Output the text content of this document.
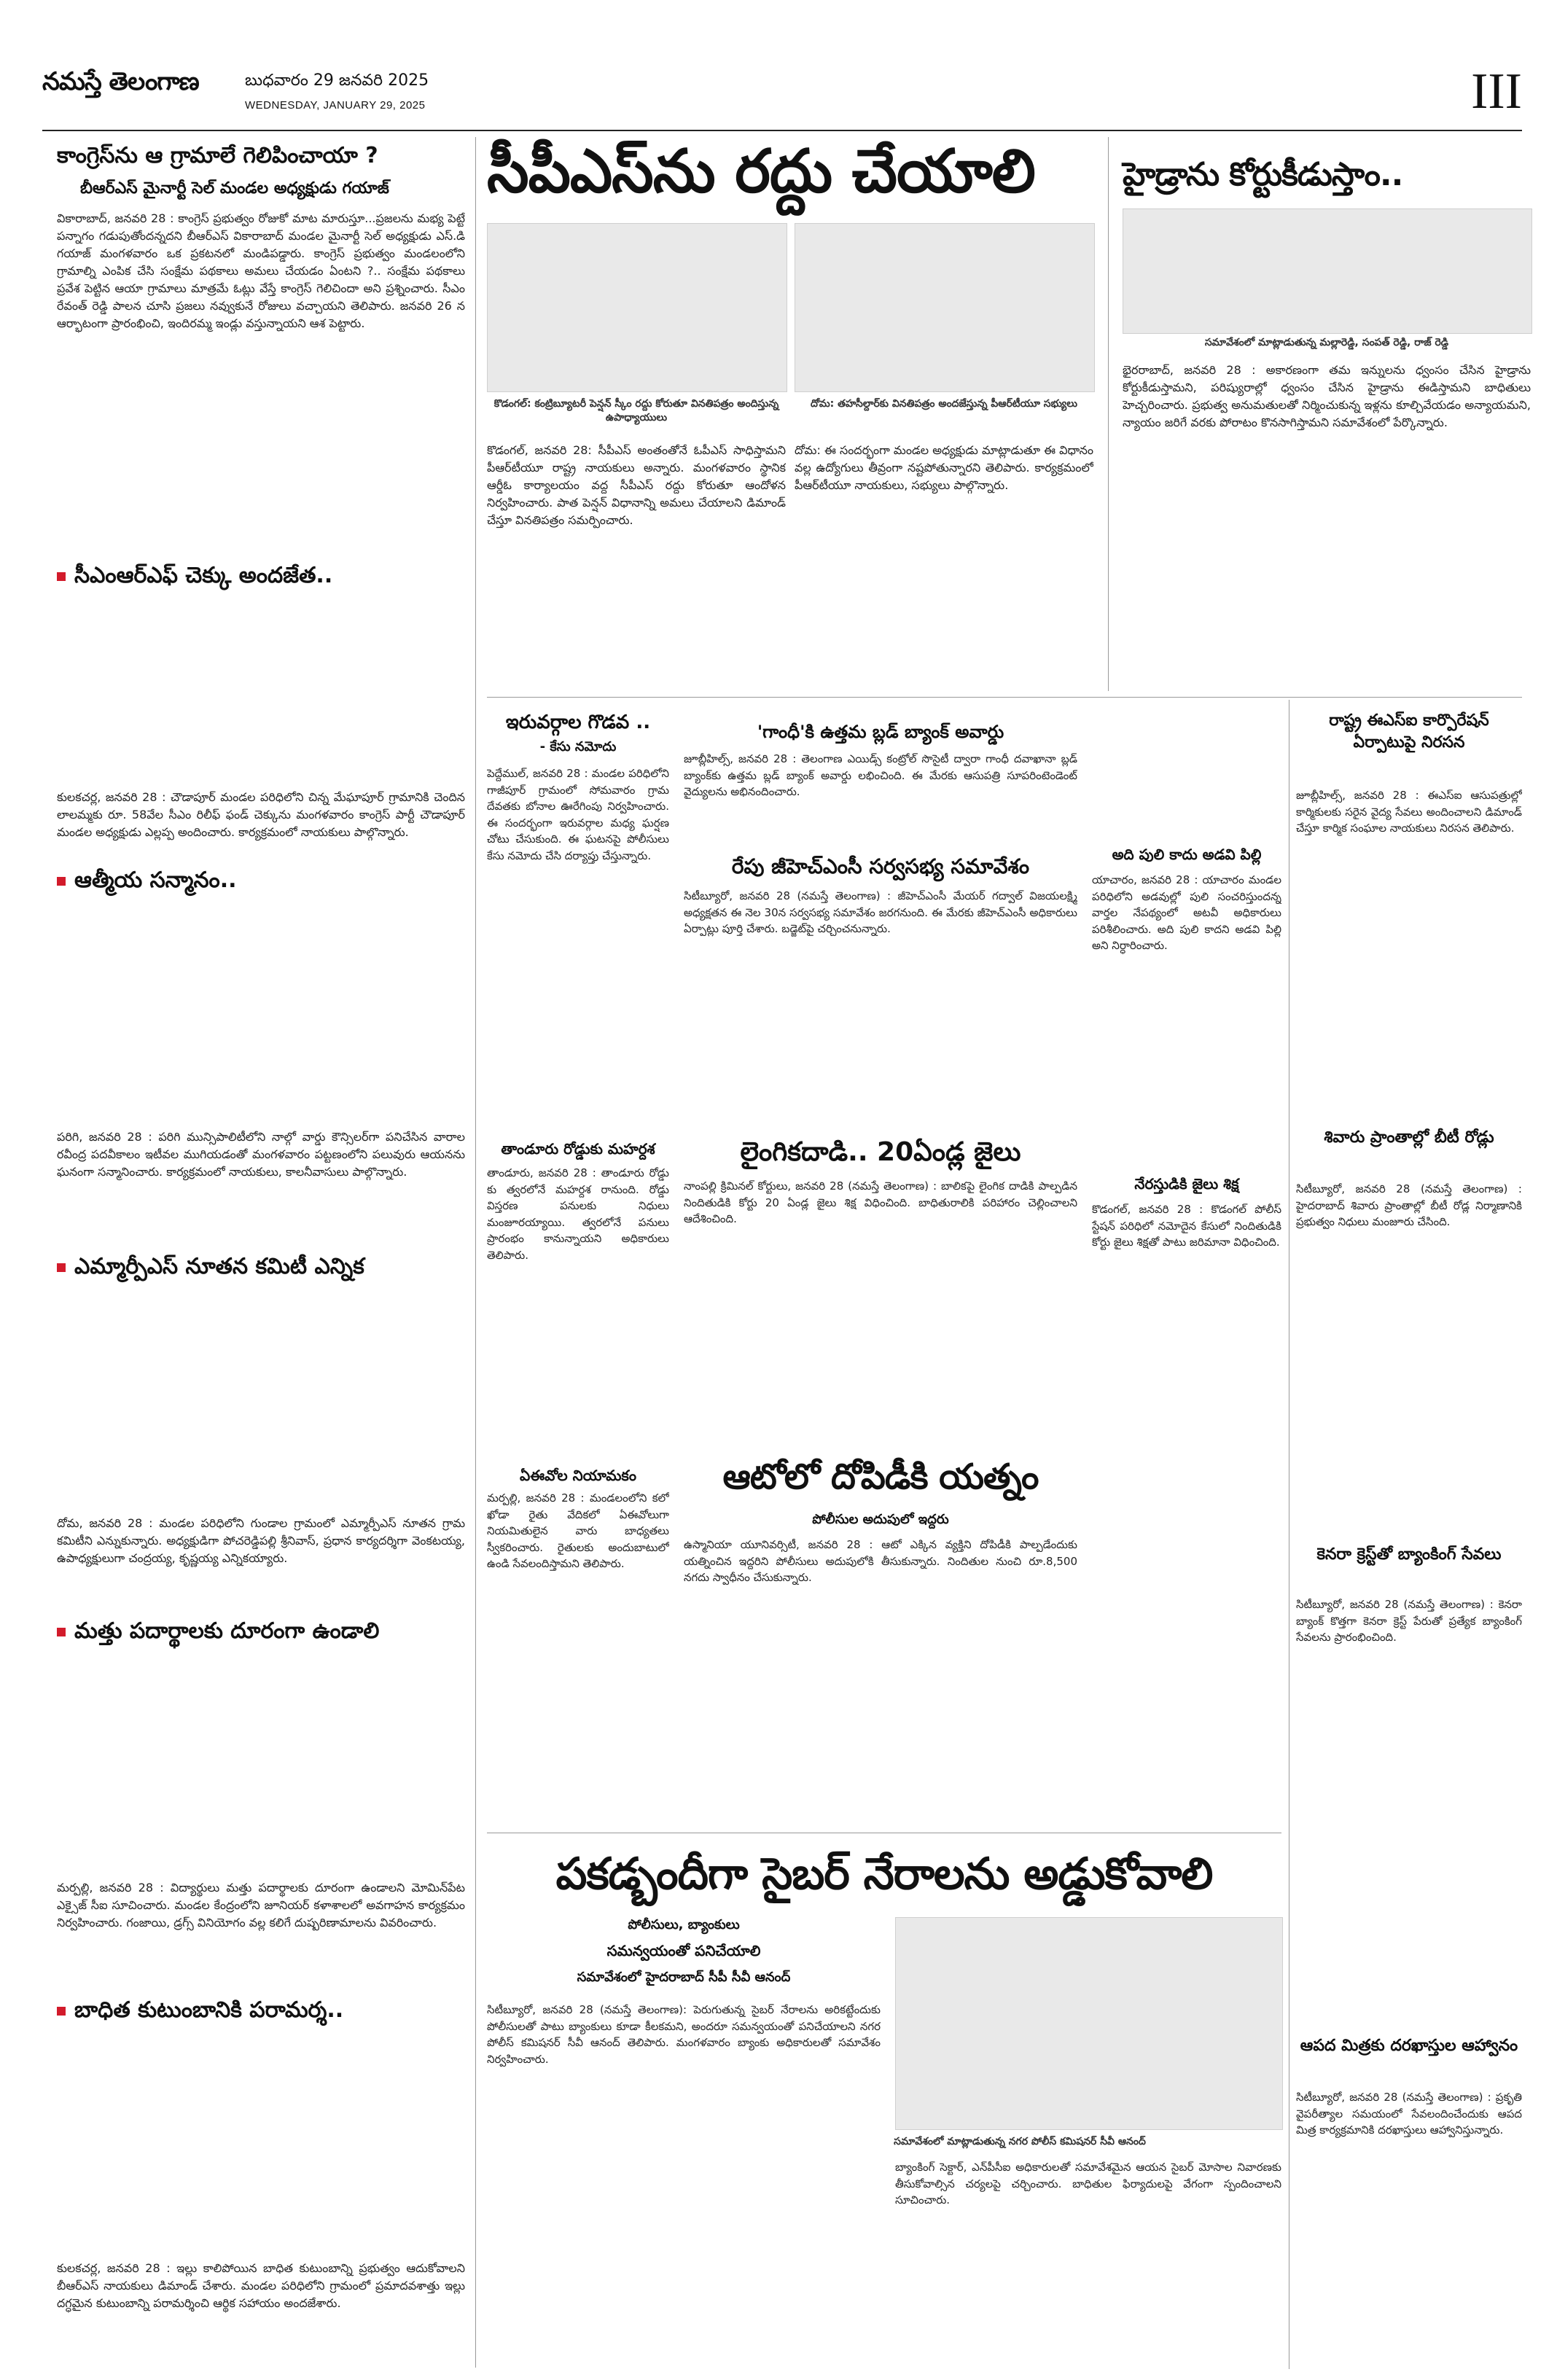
నమస్తే తెలంగాణ	బుధవారం 29 జనవరి 2025
WEDNESDAY, JANUARY 29, 2025	III
కాంగ్రెస్‌ను ఆ గ్రామాలే గెలిపించాయా ?
బీఆర్ఎస్ మైనార్టీ సెల్ మండల అధ్యక్షుడు గయాజ్
వికారాబాద్, జనవరి 28 : కాంగ్రెస్ ప్రభుత్వం రోజుకో మాట మారుస్తూ...ప్రజలను మభ్య పెట్టే పన్నాగం గడుపుతోందన్నదని బీఆర్ఎస్ వికారాబాద్ మండల మైనార్టీ సెల్ అధ్యక్షుడు ఎస్.డి గయాజ్ మంగళవారం ఒక ప్రకటనలో మండిపడ్డారు. కాంగ్రెస్ ప్రభుత్వం మండలంలోని గ్రామాల్ని ఎంపిక చేసి సంక్షేమ పథకాలు అమలు చేయడం ఏంటని ?.. సంక్షేమ పథకాలు ప్రవేశ పెట్టిన ఆయా గ్రామాలు మాత్రమే ఓట్లు వేస్తే కాంగ్రెస్ గెలిచిందా అని ప్రశ్నించారు. సీఎం రేవంత్ రెడ్డి పాలన చూసి ప్రజలు నవ్వుకునే రోజులు వచ్చాయని తెలిపారు. జనవరి 26 న ఆర్భాటంగా ప్రారంభించి, ఇందిరమ్మ ఇండ్లు వస్తున్నాయని ఆశ పెట్టారు.
సీఎంఆర్ఎఫ్ చెక్కు అందజేత..
కులకచర్ల, జనవరి 28 : చౌడాపూర్ మండల పరిధిలోని చిన్న మేఘాపూర్ గ్రామానికి చెందిన లాలమ్మకు రూ. 58వేల సీఎం రిలీఫ్ ఫండ్ చెక్కును మంగళవారం కాంగ్రెస్ పార్టీ చౌడాపూర్ మండల అధ్యక్షుడు ఎల్లప్ప అందించారు. కార్యక్రమంలో నాయకులు పాల్గొన్నారు.
ఆత్మీయ సన్మానం..
పరిగి, జనవరి 28 : పరిగి మున్సిపాలిటీలోని నాల్గో వార్డు కౌన్సిలర్‌గా పనిచేసిన వారాల రవీంద్ర పదవీకాలం ఇటీవల ముగియడంతో మంగళవారం పట్టణంలోని పలువురు ఆయనను ఘనంగా సన్మానించారు. కార్యక్రమంలో నాయకులు, కాలనీవాసులు పాల్గొన్నారు.
ఎమ్మార్పీఎస్ నూతన కమిటీ ఎన్నిక
దోమ, జనవరి 28 : మండల పరిధిలోని గుండాల గ్రామంలో ఎమ్మార్పీఎస్ నూతన గ్రామ కమిటీని ఎన్నుకున్నారు. అధ్యక్షుడిగా పోచరెడ్డిపల్లి శ్రీనివాస్, ప్రధాన కార్యదర్శిగా వెంకటయ్య, ఉపాధ్యక్షులుగా చంద్రయ్య, కృష్ణయ్య ఎన్నికయ్యారు.
మత్తు పదార్థాలకు దూరంగా ఉండాలి
మర్పల్లి, జనవరి 28 : విద్యార్థులు మత్తు పదార్థాలకు దూరంగా ఉండాలని మోమిన్‌పేట ఎక్సైజ్ సీఐ సూచించారు. మండల కేంద్రంలోని జూనియర్ కళాశాలలో అవగాహన కార్యక్రమం నిర్వహించారు. గంజాయి, డ్రగ్స్ వినియోగం వల్ల కలిగే దుష్పరిణామాలను వివరించారు.
బాధిత కుటుంబానికి పరామర్శ..
కులకచర్ల, జనవరి 28 : ఇల్లు కాలిపోయిన బాధిత కుటుంబాన్ని ప్రభుత్వం ఆదుకోవాలని బీఆర్ఎస్ నాయకులు డిమాండ్ చేశారు. మండల పరిధిలోని గ్రామంలో ప్రమాదవశాత్తు ఇల్లు దగ్ధమైన కుటుంబాన్ని పరామర్శించి ఆర్థిక సహాయం అందజేశారు.
సీపీఎస్‌ను రద్దు చేయాలి
కొడంగల్: కంట్రిబ్యూటరీ పెన్షన్ స్కీం రద్దు కోరుతూ వినతిపత్రం అందిస్తున్న ఉపాధ్యాయులు
దోమ: తహసీల్దార్‌కు వినతిపత్రం అందజేస్తున్న పీఆర్‌టీయూ సభ్యులు
కొడంగల్, జనవరి 28: సీపీఎస్ అంతంతోనే ఓపీఎస్ సాధిస్తామని పీఆర్‌టీయూ రాష్ట్ర నాయకులు అన్నారు. మంగళవారం స్థానిక ఆర్డీఓ కార్యాలయం వద్ద సీపీఎస్ రద్దు కోరుతూ ఆందోళన నిర్వహించారు. పాత పెన్షన్ విధానాన్ని అమలు చేయాలని డిమాండ్ చేస్తూ వినతిపత్రం సమర్పించారు.
దోమ: ఈ సందర్భంగా మండల అధ్యక్షుడు మాట్లాడుతూ ఈ విధానం వల్ల ఉద్యోగులు తీవ్రంగా నష్టపోతున్నారని తెలిపారు. కార్యక్రమంలో పీఆర్‌టీయూ నాయకులు, సభ్యులు పాల్గొన్నారు.
హైడ్రాను కోర్టుకీడుస్తాం..
సమావేశంలో మాట్లాడుతున్న మల్లారెడ్డి, సంపత్ రెడ్డి, రాజ్ రెడ్డి
భైరరాబాద్, జనవరి 28 : అకారణంగా తమ ఇన్నులను ధ్వంసం చేసిన హైడ్రాను కోర్టుకీడుస్తామని, పరిష్యురాల్లో ధ్వంసం చేసిన హైడ్రాను ఈడిస్తామని బాధితులు హెచ్చరించారు. ప్రభుత్వ అనుమతులతో నిర్మించుకున్న ఇళ్లను కూల్చివేయడం అన్యాయమని, న్యాయం జరిగే వరకు పోరాటం కొనసాగిస్తామని సమావేశంలో పేర్కొన్నారు.
ఇరువర్గాల గొడవ ..
- కేసు నమోదు
పెద్దేముల్, జనవరి 28 : మండల పరిధిలోని గాజీపూర్ గ్రామంలో సోమవారం గ్రామ దేవతకు బోనాల ఊరేగింపు నిర్వహించారు. ఈ సందర్భంగా ఇరువర్గాల మధ్య ఘర్షణ చోటు చేసుకుంది. ఈ ఘటనపై పోలీసులు కేసు నమోదు చేసి దర్యాప్తు చేస్తున్నారు.
తాండూరు రోడ్డుకు మహర్దశ
తాండూరు, జనవరి 28 : తాండూరు రోడ్డు కు త్వరలోనే మహర్దశ రానుంది. రోడ్డు విస్తరణ పనులకు నిధులు మంజూరయ్యాయి. త్వరలోనే పనులు ప్రారంభం కానున్నాయని అధికారులు తెలిపారు.
ఏఈవోల నియామకం
మర్పల్లి, జనవరి 28 : మండలంలోని కలో ఖోడా రైతు వేదికలో ఏఈవోలుగా నియమితులైన వారు బాధ్యతలు స్వీకరించారు. రైతులకు అందుబాటులో ఉండి సేవలందిస్తామని తెలిపారు.
'గాంధీ'కి ఉత్తమ బ్లడ్ బ్యాంక్ అవార్డు
జూబ్లీహిల్స్, జనవరి 28 : తెలంగాణ ఎయిడ్స్ కంట్రోల్ సొసైటీ ద్వారా గాంధీ దవాఖానా బ్లడ్ బ్యాంక్‌కు ఉత్తమ బ్లడ్ బ్యాంక్ అవార్డు లభించింది. ఈ మేరకు ఆసుపత్రి సూపరింటెండెంట్ వైద్యులను అభినందించారు.
రేపు జీహెచ్ఎంసీ సర్వసభ్య సమావేశం
సిటీబ్యూరో, జనవరి 28 (నమస్తే తెలంగాణ) : జీహెచ్ఎంసీ మేయర్ గద్వాల్ విజయలక్ష్మి అధ్యక్షతన ఈ నెల 30న సర్వసభ్య సమావేశం జరగనుంది. ఈ మేరకు జీహెచ్ఎంసీ అధికారులు ఏర్పాట్లు పూర్తి చేశారు. బడ్జెట్‌పై చర్చించనున్నారు.
లైంగికదాడి.. 20ఏండ్ల జైలు
నాంపల్లి క్రిమినల్ కోర్టులు, జనవరి 28 (నమస్తే తెలంగాణ) : బాలికపై లైంగిక దాడికి పాల్పడిన నిందితుడికి కోర్టు 20 ఏండ్ల జైలు శిక్ష విధించింది. బాధితురాలికి పరిహారం చెల్లించాలని ఆదేశించింది.
ఆటోలో దోపిడీకి యత్నం
పోలీసుల అదుపులో ఇద్దరు
ఉస్మానియా యూనివర్సిటీ, జనవరి 28 : ఆటో ఎక్కిన వ్యక్తిని దోపిడీకి పాల్పడేందుకు యత్నించిన ఇద్దరిని పోలీసులు అదుపులోకి తీసుకున్నారు. నిందితుల నుంచి రూ.8,500 నగదు స్వాధీనం చేసుకున్నారు.
అది పులి కాదు అడవి పిల్లి
యాచారం, జనవరి 28 : యాచారం మండల పరిధిలోని అడవుల్లో పులి సంచరిస్తుందన్న వార్తల నేపథ్యంలో అటవీ అధికారులు పరిశీలించారు. అది పులి కాదని అడవి పిల్లి అని నిర్ధారించారు.
నేరస్తుడికి జైలు శిక్ష
కొడంగల్, జనవరి 28 : కొడంగల్ పోలీస్ స్టేషన్ పరిధిలో నమోదైన కేసులో నిందితుడికి కోర్టు జైలు శిక్షతో పాటు జరిమానా విధించింది.
రాష్ట్ర ఈఎస్‌ఐ కార్పొరేషన్ ఏర్పాటుపై నిరసన
జూబ్లీహిల్స్, జనవరి 28 : ఈఎస్ఐ ఆసుపత్రుల్లో కార్మికులకు సరైన వైద్య సేవలు అందించాలని డిమాండ్ చేస్తూ కార్మిక సంఘాల నాయకులు నిరసన తెలిపారు.
శివారు ప్రాంతాల్లో బీటీ రోడ్లు
సిటీబ్యూరో, జనవరి 28 (నమస్తే తెలంగాణ) : హైదరాబాద్ శివారు ప్రాంతాల్లో బీటీ రోడ్ల నిర్మాణానికి ప్రభుత్వం నిధులు మంజూరు చేసింది.
కెనరా క్రెస్ట్‌తో బ్యాంకింగ్ సేవలు
సిటీబ్యూరో, జనవరి 28 (నమస్తే తెలంగాణ) : కెనరా బ్యాంక్ కొత్తగా కెనరా క్రెస్ట్ పేరుతో ప్రత్యేక బ్యాంకింగ్ సేవలను ప్రారంభించింది.
ఆపద మిత్రకు దరఖాస్తుల ఆహ్వానం
సిటీబ్యూరో, జనవరి 28 (నమస్తే తెలంగాణ) : ప్రకృతి వైపరీత్యాల సమయంలో సేవలందించేందుకు ఆపద మిత్ర కార్యక్రమానికి దరఖాస్తులు ఆహ్వానిస్తున్నారు.
పకడ్బందీగా సైబర్ నేరాలను అడ్డుకోవాలి
పోలీసులు, బ్యాంకులు
సమన్వయంతో పనిచేయాలి
సమావేశంలో హైదరాబాద్ సీపీ సీవీ ఆనంద్
సమావేశంలో మాట్లాడుతున్న నగర పోలీస్ కమిషనర్ సీవీ ఆనంద్
సిటీబ్యూరో, జనవరి 28 (నమస్తే తెలంగాణ): పెరుగుతున్న సైబర్ నేరాలను అరికట్టేందుకు పోలీసులతో పాటు బ్యాంకులు కూడా కీలకమని, అందరూ సమన్వయంతో పనిచేయాలని నగర పోలీస్ కమిషనర్ సీవీ ఆనంద్ తెలిపారు. మంగళవారం బ్యాంకు అధికారులతో సమావేశం నిర్వహించారు.
బ్యాంకింగ్ సెక్టార్, ఎన్‌పీసీఐ అధికారులతో సమావేశమైన ఆయన సైబర్ మోసాల నివారణకు తీసుకోవాల్సిన చర్యలపై చర్చించారు. బాధితుల ఫిర్యాదులపై వేగంగా స్పందించాలని సూచించారు.
